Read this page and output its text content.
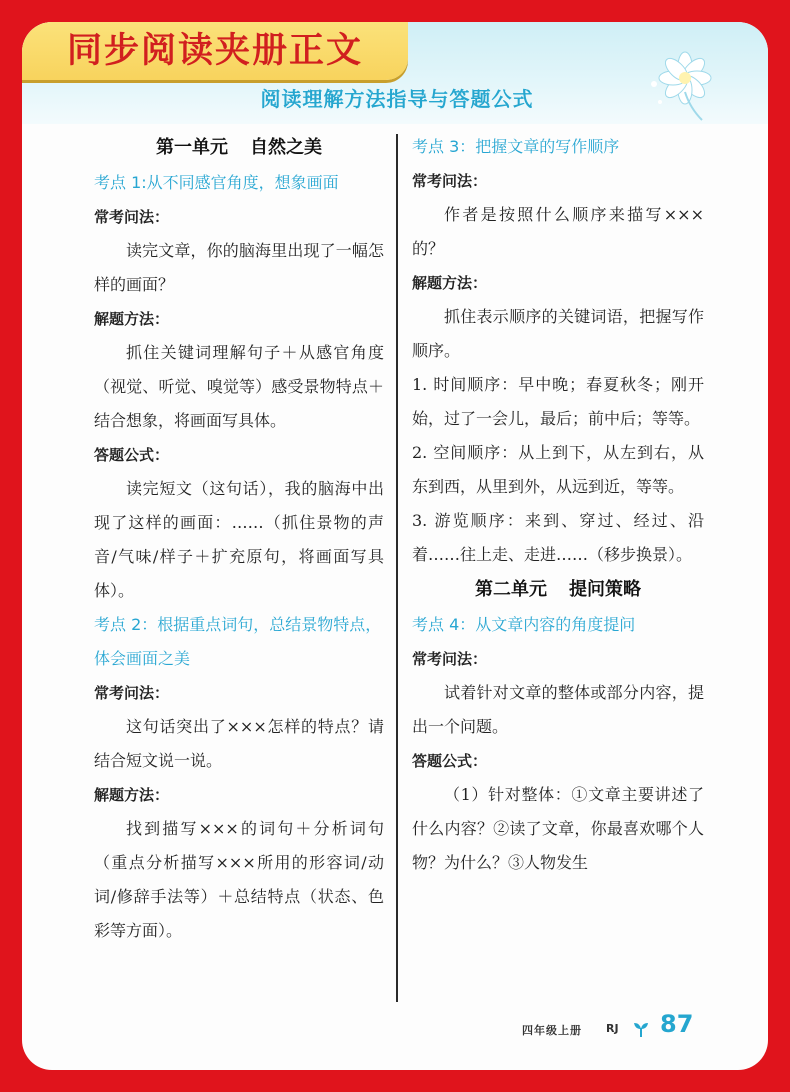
阅读理解方法指导与答题公式
同步阅读夹册正文
第一单元 自然之美

考点 1:从不同感官角度，想象画面

常考问法：

读完文章，你的脑海里出现了一幅怎样的画面？

解题方法：

抓住关键词理解句子＋从感官角度（视觉、听觉、嗅觉等）感受景物特点＋结合想象，将画面写具体。

答题公式：

读完短文（这句话），我的脑海中出现了这样的画面：……（抓住景物的声音/气味/样子＋扩充原句，将画面写具体）。

考点 2：根据重点词句，总结景物特点，体会画面之美

常考问法：

这句话突出了×××怎样的特点？请结合短文说一说。

解题方法：

找到描写×××的词句＋分析词句（重点分析描写×××所用的形容词/动词/修辞手法等）＋总结特点（状态、色彩等方面）。

考点 3：把握文章的写作顺序

常考问法：

作者是按照什么顺序来描写×××的？

解题方法：

抓住表示顺序的关键词语，把握写作顺序。

1. 时间顺序：早中晚；春夏秋冬；刚开始，过了一会儿，最后；前中后；等等。

2. 空间顺序：从上到下，从左到右，从东到西，从里到外，从远到近，等等。

3. 游览顺序：来到、穿过、经过、沿着……往上走、走进……（移步换景）。

第二单元 提问策略

考点 4：从文章内容的角度提问

常考问法：

试着针对文章的整体或部分内容，提出一个问题。

答题公式：

（1）针对整体：①文章主要讲述了什么内容？②读了文章，你最喜欢哪个人物？为什么？③人物发生

四年级上册 RJ 87
